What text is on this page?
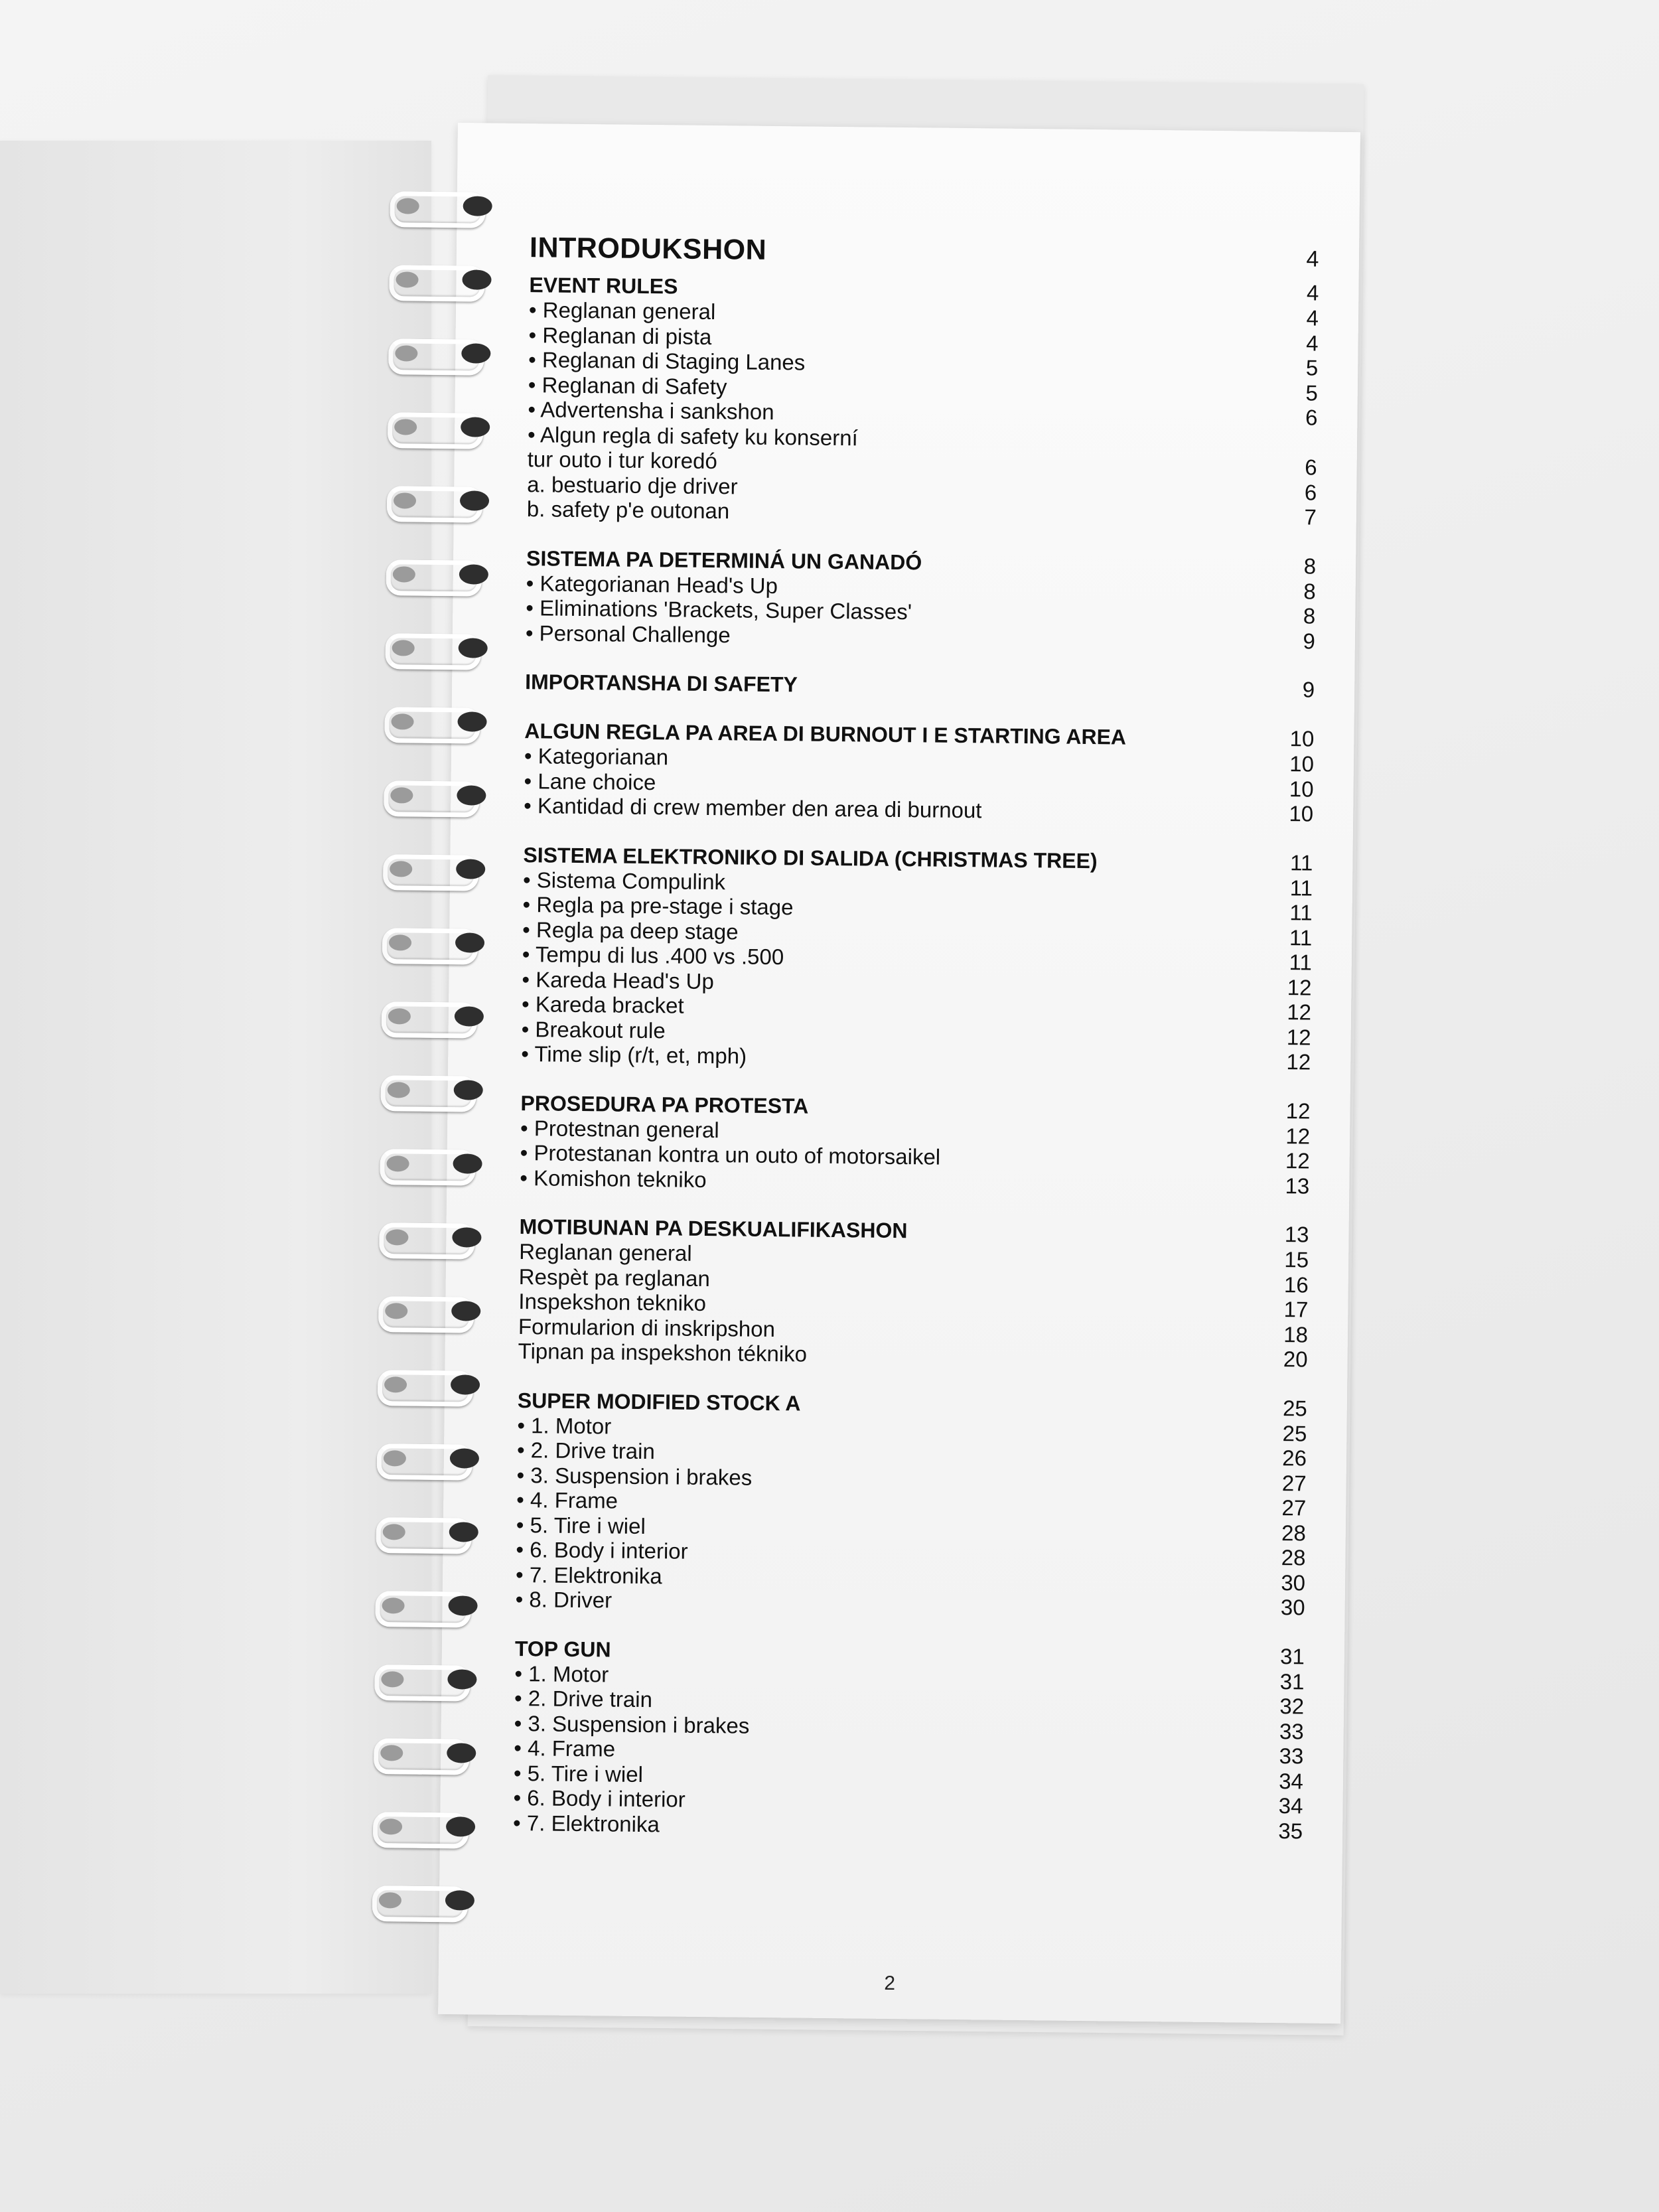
INTRODUKSHON	4
EVENT RULES	4
• Reglanan general	4
• Reglanan di pista	4
• Reglanan di Staging Lanes	5
• Reglanan di Safety	5
• Advertensha i sankshon	6
• Algun regla di safety ku konserní
tur outo i tur koredó	6
a. bestuario dje driver	6
b. safety p'e outonan	7
SISTEMA PA DETERMINÁ UN GANADÓ	8
• Kategorianan Head's Up	8
• Eliminations 'Brackets, Super Classes'	8
• Personal Challenge	9
IMPORTANSHA DI SAFETY	9
ALGUN REGLA PA AREA DI BURNOUT I E STARTING AREA	10
• Kategorianan	10
• Lane choice	10
• Kantidad di crew member den area di burnout	10
SISTEMA ELEKTRONIKO DI SALIDA (CHRISTMAS TREE)	11
• Sistema Compulink	11
• Regla pa pre-stage i stage	11
• Regla pa deep stage	11
• Tempu di lus .400 vs .500	11
• Kareda Head's Up	12
• Kareda bracket	12
• Breakout rule	12
• Time slip (r/t, et, mph)	12
PROSEDURA PA PROTESTA	12
• Protestnan general	12
• Protestanan kontra un outo of motorsaikel	12
• Komishon tekniko	13
MOTIBUNAN PA DESKUALIFIKASHON	13
Reglanan general	15
Respèt pa reglanan	16
Inspekshon tekniko	17
Formularion di inskripshon	18
Tipnan pa inspekshon tékniko	20
SUPER MODIFIED STOCK A	25
• 1. Motor	25
• 2. Drive train	26
• 3. Suspension i brakes	27
• 4. Frame	27
• 5. Tire i wiel	28
• 6. Body i interior	28
• 7. Elektronika	30
• 8. Driver	30
TOP GUN	31
• 1. Motor	31
• 2. Drive train	32
• 3. Suspension i brakes	33
• 4. Frame	33
• 5. Tire i wiel	34
• 6. Body i interior	34
• 7. Elektronika	35
2
